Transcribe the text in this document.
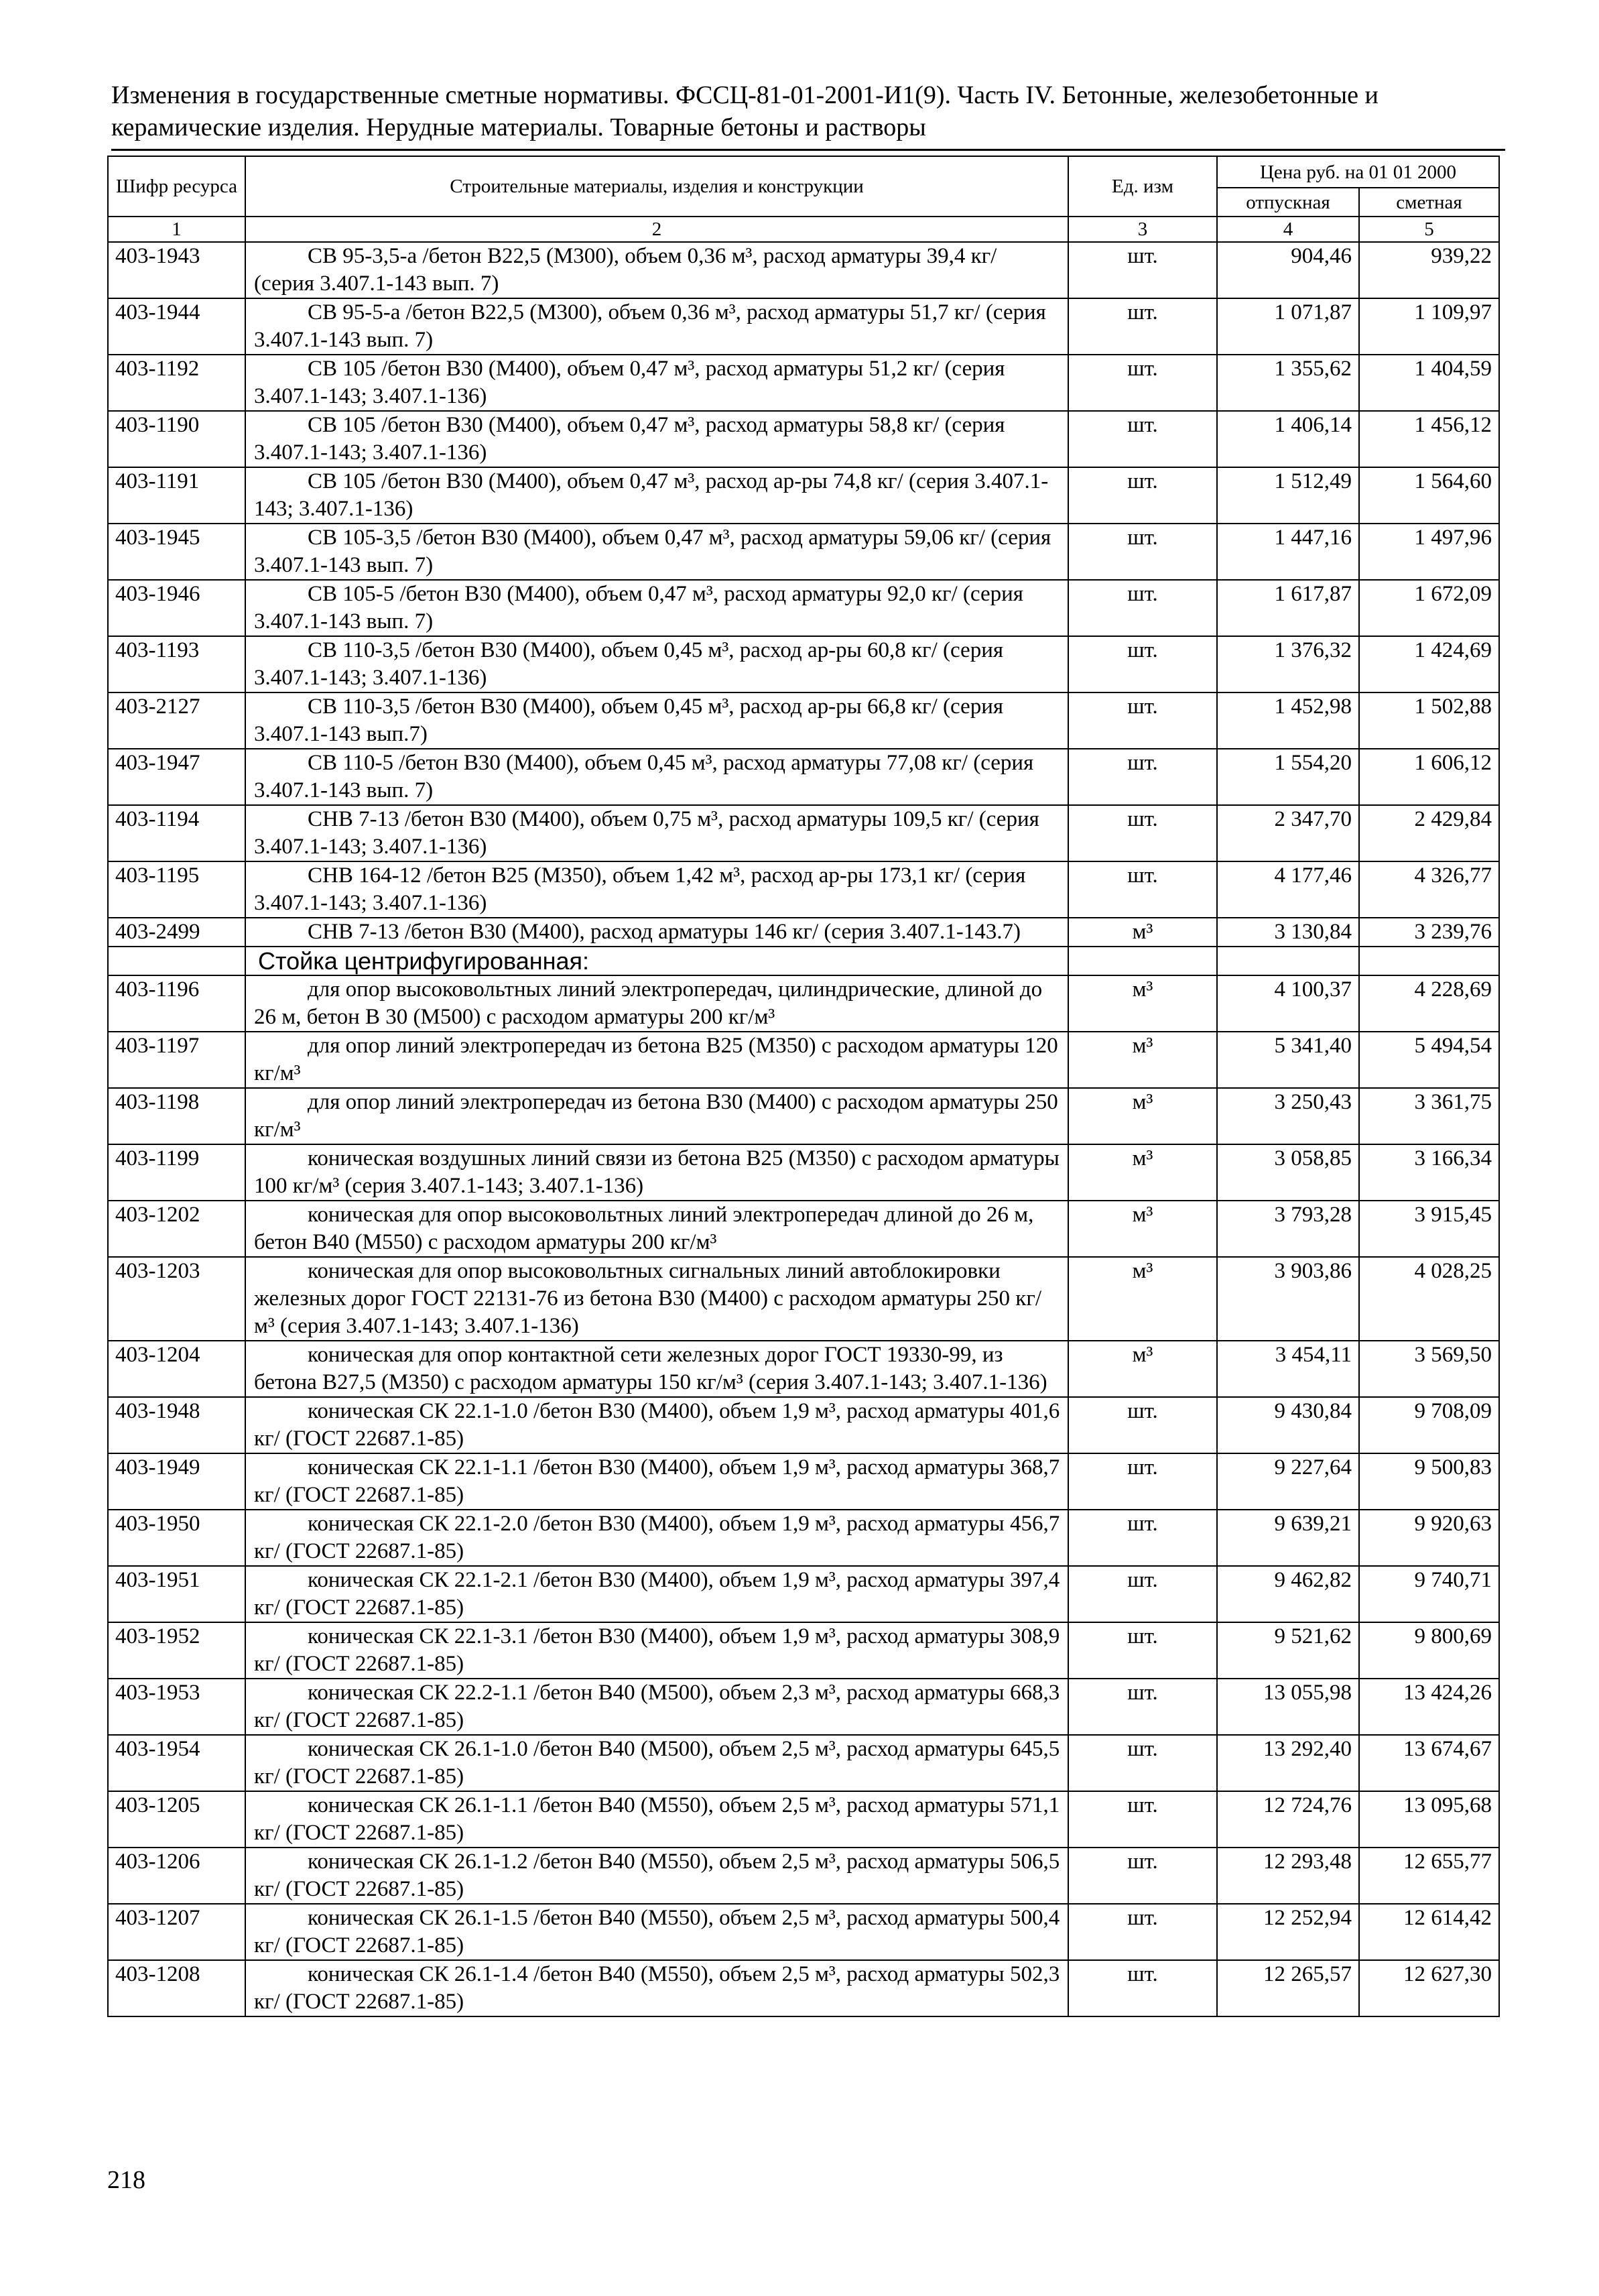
Изменения в государственные сметные нормативы. ФССЦ-81-01-2001-И1(9). Часть IV. Бетонные, железобетонные и
керамические изделия. Нерудные материалы. Товарные бетоны и растворы
Шифр ресурса	Строительные материалы, изделия и конструкции	Ед. изм	Цена руб. на 01 01 2000	
			отпускная	сметная
1	2	3	4	5
403-1943	СВ 95-3,5-а /бетон В22,5 (М300), объем 0,36 м³, расход арматуры 39,4 кг/ (серия 3.407.1-143 вып. 7)	шт.	904,46	939,22
403-1944	СВ 95-5-а /бетон В22,5 (М300), объем 0,36 м³, расход арматуры 51,7 кг/ (серия 3.407.1-143 вып. 7)	шт.	1 071,87	1 109,97
403-1192	СВ 105 /бетон В30 (М400), объем 0,47 м³, расход арматуры 51,2 кг/ (серия 3.407.1-143; 3.407.1-136)	шт.	1 355,62	1 404,59
403-1190	СВ 105 /бетон В30 (М400), объем 0,47 м³, расход арматуры 58,8 кг/ (серия 3.407.1-143; 3.407.1-136)	шт.	1 406,14	1 456,12
403-1191	СВ 105 /бетон В30 (М400), объем 0,47 м³, расход ар-ры 74,8 кг/ (серия 3.407.1-143; 3.407.1-136)	шт.	1 512,49	1 564,60
403-1945	СВ 105-3,5 /бетон В30 (М400), объем 0,47 м³, расход арматуры 59,06 кг/ (серия 3.407.1-143 вып. 7)	шт.	1 447,16	1 497,96
403-1946	СВ 105-5 /бетон В30 (М400), объем 0,47 м³, расход арматуры 92,0 кг/ (серия 3.407.1-143 вып. 7)	шт.	1 617,87	1 672,09
403-1193	СВ 110-3,5 /бетон В30 (М400), объем 0,45 м³, расход ар-ры 60,8 кг/ (серия 3.407.1-143; 3.407.1-136)	шт.	1 376,32	1 424,69
403-2127	СВ 110-3,5 /бетон В30 (М400), объем 0,45 м³, расход ар-ры 66,8 кг/ (серия 3.407.1-143 вып.7)	шт.	1 452,98	1 502,88
403-1947	СВ 110-5 /бетон В30 (М400), объем 0,45 м³, расход арматуры 77,08 кг/ (серия 3.407.1-143 вып. 7)	шт.	1 554,20	1 606,12
403-1194	СНВ 7-13 /бетон В30 (М400), объем 0,75 м³, расход арматуры 109,5 кг/ (серия 3.407.1-143; 3.407.1-136)	шт.	2 347,70	2 429,84
403-1195	СНВ 164-12 /бетон В25 (М350), объем 1,42 м³, расход ар-ры 173,1 кг/ (серия 3.407.1-143; 3.407.1-136)	шт.	4 177,46	4 326,77
403-2499	СНВ 7-13 /бетон В30 (М400), расход арматуры 146 кг/ (серия 3.407.1-143.7)	м³	3 130,84	3 239,76
	Стойка центрифугированная:			
403-1196	для опор высоковольтных линий электропередач, цилиндрические, длиной до 26 м, бетон В 30 (М500) с расходом арматуры 200 кг/м³	м³	4 100,37	4 228,69
403-1197	для опор линий электропередач из бетона В25 (М350) с расходом арматуры 120 кг/м³	м³	5 341,40	5 494,54
403-1198	для опор линий электропередач из бетона В30 (М400) с расходом арматуры 250 кг/м³	м³	3 250,43	3 361,75
403-1199	коническая воздушных линий связи из бетона В25 (М350) с расходом арматуры 100 кг/м³ (серия 3.407.1-143; 3.407.1-136)	м³	3 058,85	3 166,34
403-1202	коническая для опор высоковольтных линий электропередач длиной до 26 м, бетон В40 (М550) с расходом арматуры 200 кг/м³	м³	3 793,28	3 915,45
403-1203	коническая для опор высоковольтных сигнальных линий автоблокировки железных дорог ГОСТ 22131-76 из бетона В30 (М400) с расходом арматуры 250 кг/м³ (серия 3.407.1-143; 3.407.1-136)	м³	3 903,86	4 028,25
403-1204	коническая для опор контактной сети железных дорог ГОСТ 19330-99, из бетона В27,5 (М350) с расходом арматуры 150 кг/м³ (серия 3.407.1-143; 3.407.1-136)	м³	3 454,11	3 569,50
403-1948	коническая СК 22.1-1.0 /бетон В30 (М400), объем 1,9 м³, расход арматуры 401,6 кг/ (ГОСТ 22687.1-85)	шт.	9 430,84	9 708,09
403-1949	коническая СК 22.1-1.1 /бетон В30 (М400), объем 1,9 м³, расход арматуры 368,7 кг/ (ГОСТ 22687.1-85)	шт.	9 227,64	9 500,83
403-1950	коническая СК 22.1-2.0 /бетон В30 (М400), объем 1,9 м³, расход арматуры 456,7 кг/ (ГОСТ 22687.1-85)	шт.	9 639,21	9 920,63
403-1951	коническая СК 22.1-2.1 /бетон В30 (М400), объем 1,9 м³, расход арматуры 397,4 кг/ (ГОСТ 22687.1-85)	шт.	9 462,82	9 740,71
403-1952	коническая СК 22.1-3.1 /бетон В30 (М400), объем 1,9 м³, расход арматуры 308,9 кг/ (ГОСТ 22687.1-85)	шт.	9 521,62	9 800,69
403-1953	коническая СК 22.2-1.1 /бетон В40 (М500), объем 2,3 м³, расход арматуры 668,3 кг/ (ГОСТ 22687.1-85)	шт.	13 055,98	13 424,26
403-1954	коническая СК 26.1-1.0 /бетон В40 (М500), объем 2,5 м³, расход арматуры 645,5 кг/ (ГОСТ 22687.1-85)	шт.	13 292,40	13 674,67
403-1205	коническая СК 26.1-1.1 /бетон В40 (М550), объем 2,5 м³, расход арматуры 571,1 кг/ (ГОСТ 22687.1-85)	шт.	12 724,76	13 095,68
403-1206	коническая СК 26.1-1.2 /бетон В40 (М550), объем 2,5 м³, расход арматуры 506,5 кг/ (ГОСТ 22687.1-85)	шт.	12 293,48	12 655,77
403-1207	коническая СК 26.1-1.5 /бетон В40 (М550), объем 2,5 м³, расход арматуры 500,4 кг/ (ГОСТ 22687.1-85)	шт.	12 252,94	12 614,42
403-1208	коническая СК 26.1-1.4 /бетон В40 (М550), объем 2,5 м³, расход арматуры 502,3 кг/ (ГОСТ 22687.1-85)	шт.	12 265,57	12 627,30
218
